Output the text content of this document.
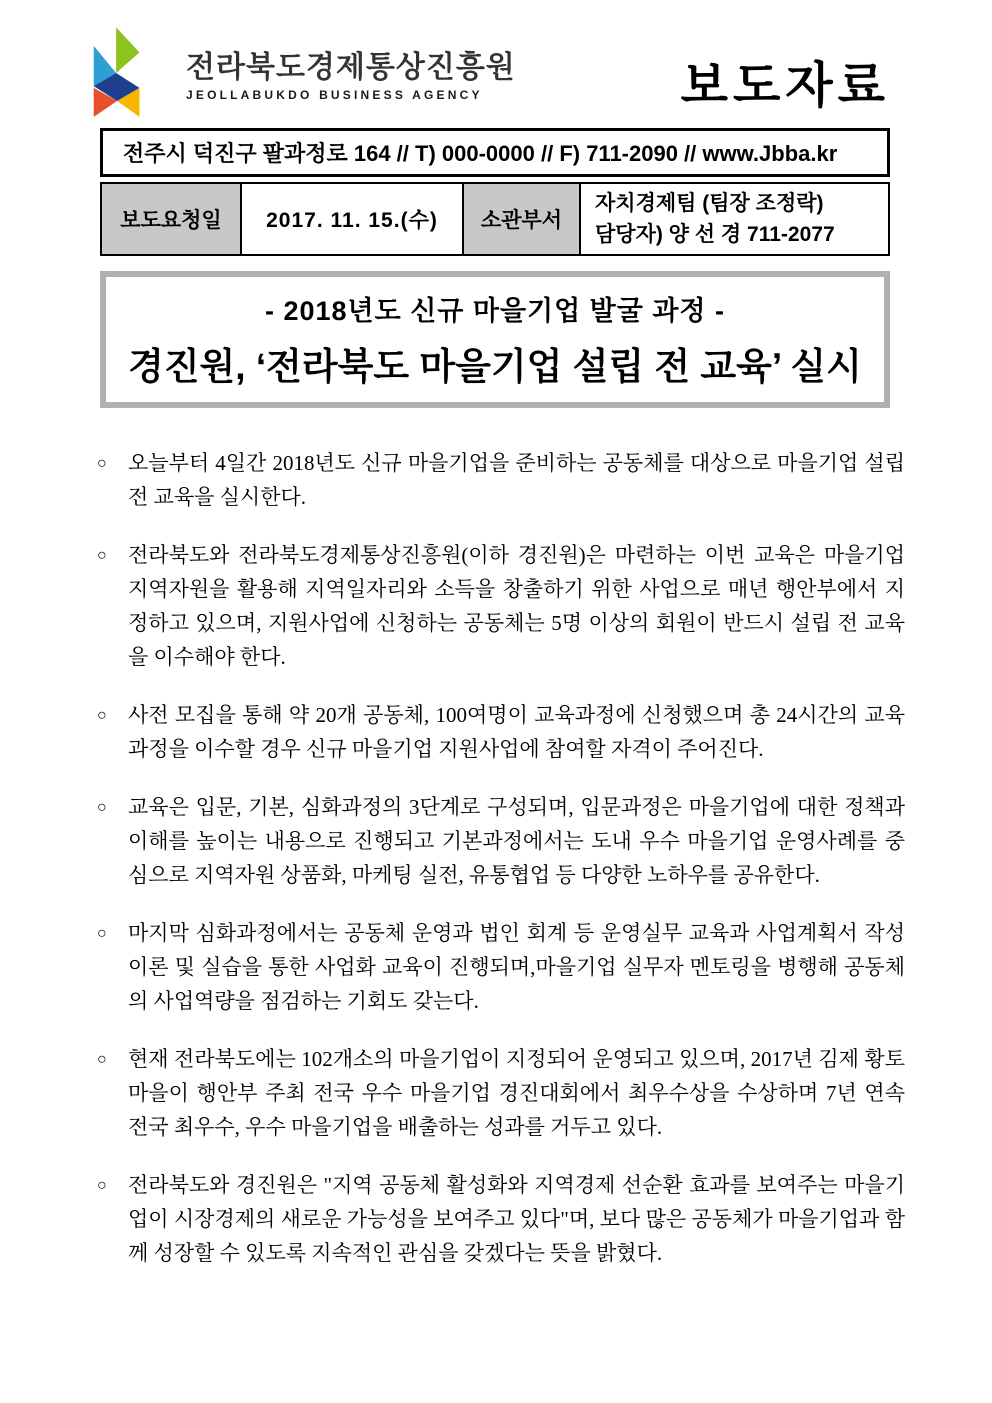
전라북도경제통상진흥원
JEOLLABUKDO BUSINESS AGENCY	보도자료
전주시 덕진구 팔과정로 164 // T) 000-0000 // F) 711-2090 // www.Jbba.kr
보도요청일	2017. 11. 15.(수)	소관부서	
자치경제팀 (팀장 조정락)
담당자) 양 선 경 711-2077
- 2018년도 신규 마을기업 발굴 과정 -
경진원, ‘전라북도 마을기업 설립 전 교육’ 실시
○	오늘부터 4일간 2018년도 신규 마을기업을 준비하는 공동체를 대상으로 마을기업 설립 전 교육을 실시한다.
○	전라북도와 전라북도경제통상진흥원(이하 경진원)은 마련하는 이번 교육은 마을기업 지역자원을 활용해 지역일자리와 소득을 창출하기 위한 사업으로 매년 행안부에서 지정하고 있으며, 지원사업에 신청하는 공동체는 5명 이상의 회원이 반드시 설립 전 교육을 이수해야 한다.
○	사전 모집을 통해 약 20개 공동체, 100여명이 교육과정에 신청했으며 총 24시간의 교육과정을 이수할 경우 신규 마을기업 지원사업에 참여할 자격이 주어진다.
○	교육은 입문, 기본, 심화과정의 3단계로 구성되며, 입문과정은 마을기업에 대한 정책과 이해를 높이는 내용으로 진행되고 기본과정에서는 도내 우수 마을기업 운영사례를 중심으로 지역자원 상품화, 마케팅 실전, 유통협업 등 다양한 노하우를 공유한다.
○	마지막 심화과정에서는 공동체 운영과 법인 회계 등 운영실무 교육과 사업계획서 작성 이론 및 실습을 통한 사업화 교육이 진행되며,마을기업 실무자 멘토링을 병행해 공동체의 사업역량을 점검하는 기회도 갖는다.
○	현재 전라북도에는 102개소의 마을기업이 지정되어 운영되고 있으며, 2017년 김제 황토마을이 행안부 주최 전국 우수 마을기업 경진대회에서 최우수상을 수상하며 7년 연속 전국 최우수, 우수 마을기업을 배출하는 성과를 거두고 있다.
○	전라북도와 경진원은 "지역 공동체 활성화와 지역경제 선순환 효과를 보여주는 마을기업이 시장경제의 새로운 가능성을 보여주고 있다"며, 보다 많은 공동체가 마을기업과 함께 성장할 수 있도록 지속적인 관심을 갖겠다는 뜻을 밝혔다.
